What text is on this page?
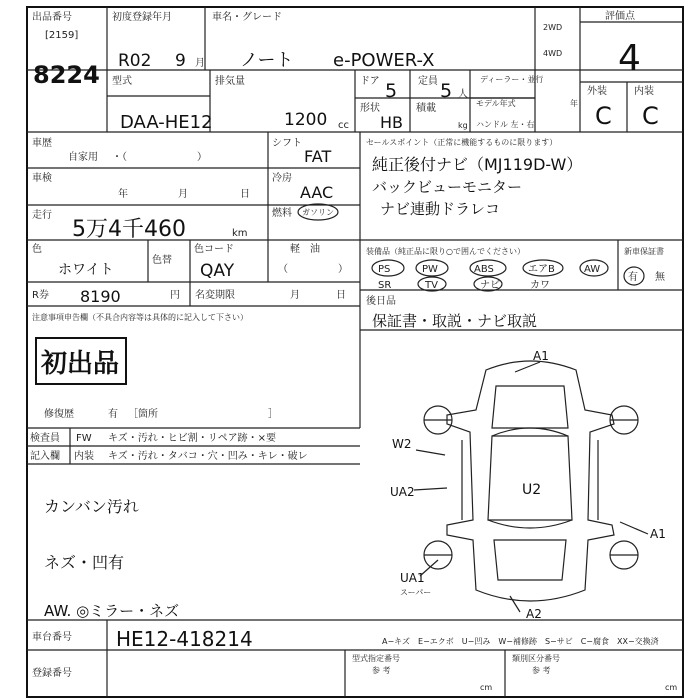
出品番号
[2159]
8224
初度登録年月
R02 9 月
車名・グレード
ノート e-POWER-X
2WD
4WD
評価点
4
外装	内装
C C
型式
DAA-HE12
排気量
1200 cc
ドア 5 定員 5 人
形状
HB
積載
kg
ディーラー・並行
モデル年式	年
ハンドル 左・右
車歴
自家用 ・（　　　　　　　）
車検
年	月	日
走行
5万4千460	km
色
ホワイト
色替
色コード
QAY
R券 8190	円 名変期限	月	日
シフト
FAT
冷房
AAC
燃料 ガソリン
軽　油
（　　　　　）
セールスポイント（正常に機能するものに限ります）
純正後付ナビ（MJ119D-W）
バックビューモニター
ナビ連動ドラレコ
装備品（純正品に限り○で囲んでください）
PS	PW	ABS	エアB	AW
SR	TV	ナビ	カワ
新車保証書
有 無
後日品
保証書・取説・ナビ取説
注意事項申告欄（不具合内容等は具体的に記入して下さい）
初出品
修復歴	有 ［箇所　　　　　　　　　　　］
検査員
記入欄
FW キズ・汚れ・ヒビ割・リペア跡・×要
内装 キズ・汚れ・タバコ・穴・凹み・キレ・破レ
カンバン汚れ
ネズ・凹有
AW. ◎ミラー・ネズ
A1
W2
UA2	U2
A1
UA1
スーパー
A2
A−キズ　E−エクボ　U−凹み　W−補修跡　S−サビ　C−腐食　XX−交換済
車台番号 HE12-418214
登録番号
型式指定番号
参 考
類別区分番号
参 考
cm	cm
